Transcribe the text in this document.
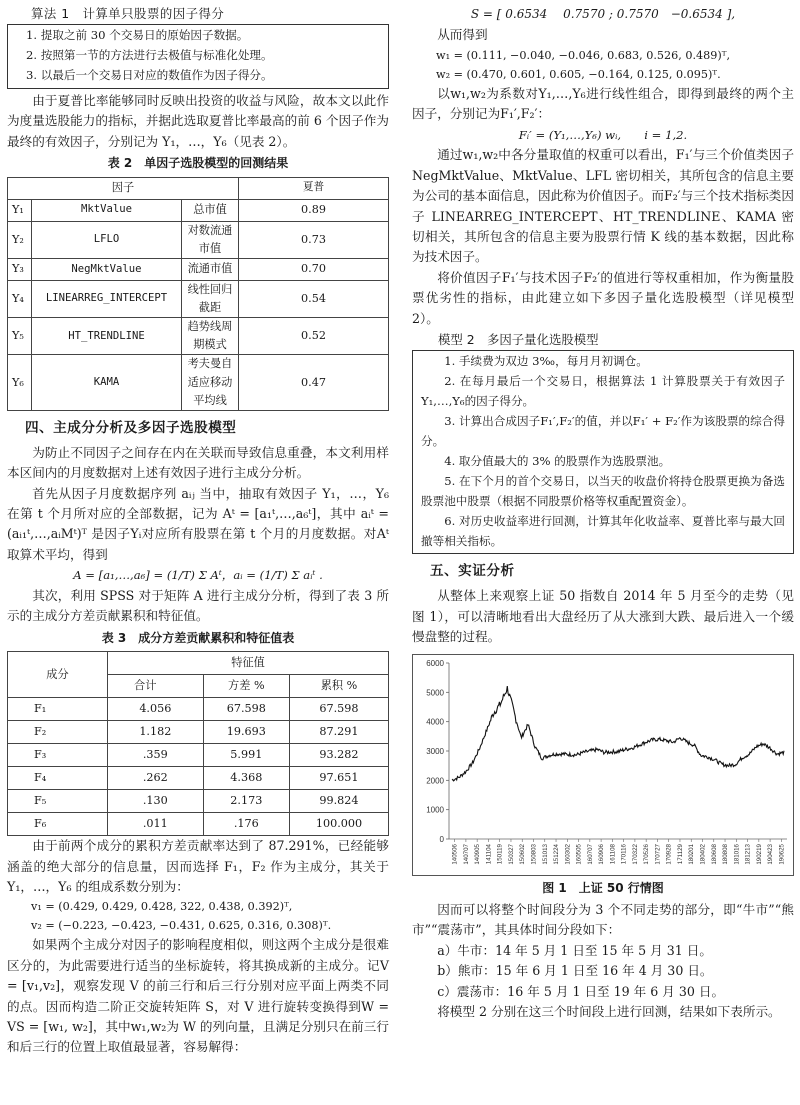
算法 1　计算单只股票的因子得分
1. 提取之前 30 个交易日的原始因子数据。
2. 按照第一节的方法进行去极值与标准化处理。
3. 以最后一个交易日对应的数值作为因子得分。

由于夏普比率能够同时反映出投资的收益与风险，故本文以此作为度量选股能力的指标，并据此选取夏普比率最高的前 6 个因子作为最终的有效因子，分别记为 Y₁，…，Y₆（见表 2）。

表 2　单因子选股模型的回测结果
因子			夏普
Y₁	MktValue	总市值	0.89
Y₂	LFLO	对数流通市值	0.73
Y₃	NegMktValue	流通市值	0.70
Y₄	LINEARREG_INTERCEPT	线性回归截距	0.54
Y₅	HT_TRENDLINE	趋势线周期模式	0.52
Y₆	KAMA	考夫曼自适应移动平均线	0.47
四、主成分分析及多因子选股模型

为防止不同因子之间存在内在关联而导致信息重叠，本文利用样本区间内的月度数据对上述有效因子进行主成分分析。

首先从因子月度数据序列 aᵢⱼ 当中，抽取有效因子 Y₁，…，Y₆ 在第 t 个月所对应的全部数据，记为 Aᵗ = [a₁ᵗ,…,a₆ᵗ]，其中 aᵢᵗ = (aᵢ₁ᵗ,…,aᵢMᵗ)ᵀ 是因子Yᵢ对应所有股票在第 t 个月的月度数据。对Aᵗ取算术平均，得到

A = [a₁,…,a₆] = (1/T) Σ Aᵗ，aᵢ = (1/T) Σ aᵢᵗ .

其次，利用 SPSS 对于矩阵 A 进行主成分分析，得到了表 3 所示的主成分方差贡献累积和特征值。

表 3　成分方差贡献累积和特征值表
成分	特征值		
	合计	方差 %	累积 %
F₁	4.056	67.598	67.598
F₂	1.182	19.693	87.291
F₃	.359	5.991	93.282
F₄	.262	4.368	97.651
F₅	.130	2.173	99.824
F₆	.011	.176	100.000

由于前两个成分的累积方差贡献率达到了 87.291%，已经能够涵盖的绝大部分的信息量，因而选择 F₁，F₂ 作为主成分，其关于 Y₁，…，Y₆ 的组成系数分别为：

v₁ = (0.429, 0.429, 0.428, 322, 0.438, 0.392)ᵀ,
v₂ = (−0.223, −0.423, −0.431, 0.625, 0.316, 0.308)ᵀ.

如果两个主成分对因子的影响程度相似，则这两个主成分是很难区分的，为此需要进行适当的坐标旋转，将其换成新的主成分。记V = [v₁,v₂]，观察发现 V 的前三行和后三行分别对应平面上两类不同的点。因而构造二阶正交旋转矩阵 S，对 V 进行旋转变换得到W = VS = [w₁, w₂]，其中w₁,w₂为 W 的列向量，且满足分别只在前三行和后三行的位置上取值最显著，容易解得：

S = [ 0.6534　 0.7570 ; 0.7570　−0.6534 ],

从而得到

w₁ = (0.111, −0.040, −0.046, 0.683, 0.526, 0.489)ᵀ,
w₂ = (0.470, 0.601, 0.605, −0.164, 0.125, 0.095)ᵀ.

以w₁,w₂为系数对Y₁,…,Y₆进行线性组合，即得到最终的两个主因子，分别记为F₁′,F₂′：

Fᵢ′ = (Y₁,…,Y₆) wᵢ,　　i = 1,2.

通过w₁,w₂中各分量取值的权重可以看出，F₁′与三个价值类因子 NegMktValue、MktValue、LFL 密切相关，其所包含的信息主要为公司的基本面信息，因此称为价值因子。而F₂′与三个技术指标类因子 LINEARREG_INTERCEPT、HT_TRENDLINE、KAMA 密切相关，其所包含的信息主要为股票行情 K 线的基本数据，因此称为技术因子。

将价值因子F₁′与技术因子F₂′的值进行等权重相加，作为衡量股票优劣性的指标，由此建立如下多因子量化选股模型（详见模型 2）。

模型 2　多因子量化选股模型

1. 手续费为双边 3‰，每月月初调仓。

2. 在每月最后一个交易日，根据算法 1 计算股票关于有效因子Y₁,…,Y₆的因子得分。

3. 计算出合成因子F₁′,F₂′的值，并以F₁′ + F₂′作为该股票的综合得分。

4. 取分值最大的 3% 的股票作为选股票池。

5. 在下个月的首个交易日，以当天的收盘价将持仓股票更换为备选股票池中股票（根据不同股票价格等权重配置资金）。

6. 对历史收益率进行回测，计算其年化收益率、夏普比率与最大回撤等相关指标。

五、实证分析

从整体上来观察上证 50 指数自 2014 年 5 月至今的走势（见图 1），可以清晰地看出大盘经历了从大涨到大跌、最后进入一个缓慢盘整的过程。

0
1000
2000
3000
4000
5000
6000
140506 140707 140905 141104 150119 150327 150602 150803 151013 151224 160302 160505 160707 160906 161108 170116 170322 170526 170727 170928 171129 180201 180402 180608 180808 181016 181213 190219 190423 190625
图 1　上证 50 行情图

因而可以将整个时间段分为 3 个不同走势的部分，即“牛市”“熊市”“震荡市”，其具体时间分段如下：

a）牛市：14 年 5 月 1 日至 15 年 5 月 31 日。

b）熊市：15 年 6 月 1 日至 16 年 4 月 30 日。

c）震荡市：16 年 5 月 1 日至 19 年 6 月 30 日。

将模型 2 分别在这三个时间段上进行回测，结果如下表所示。
